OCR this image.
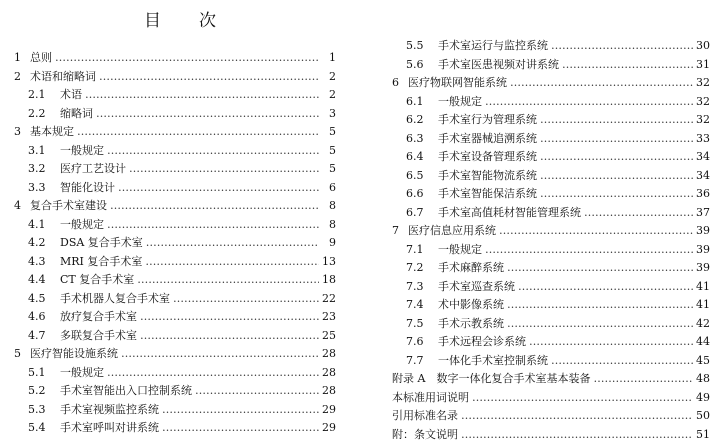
目 次
1 总则 ……………………………………………………………………………………………………………………………………………………………………………………	1
2 术语和缩略词 ……………………………………………………………………………………………………………………………………………………………………………………	2
2.1	术语 ……………………………………………………………………………………………………………………………………………………………………………………	2
2.2	缩略词 ……………………………………………………………………………………………………………………………………………………………………………………	3
3 基本规定 ……………………………………………………………………………………………………………………………………………………………………………………	5
3.1	一般规定 ……………………………………………………………………………………………………………………………………………………………………………………	5
3.2	医疗工艺设计 ……………………………………………………………………………………………………………………………………………………………………………………	5
3.3	智能化设计 ……………………………………………………………………………………………………………………………………………………………………………………	6
4 复合手术室建设 ……………………………………………………………………………………………………………………………………………………………………………………	8
4.1	一般规定 ……………………………………………………………………………………………………………………………………………………………………………………	8
4.2	DSA 复合手术室 ……………………………………………………………………………………………………………………………………………………………………………………	9
4.3	MRI 复合手术室 ……………………………………………………………………………………………………………………………………………………………………………………	13
4.4	CT 复合手术室 ……………………………………………………………………………………………………………………………………………………………………………………	18
4.5	手术机器人复合手术室 ……………………………………………………………………………………………………………………………………………………………………………………	22
4.6	放疗复合手术室 ……………………………………………………………………………………………………………………………………………………………………………………	23
4.7	多联复合手术室 ……………………………………………………………………………………………………………………………………………………………………………………	25
5 医疗智能设施系统 ……………………………………………………………………………………………………………………………………………………………………………………	28
5.1	一般规定 ……………………………………………………………………………………………………………………………………………………………………………………	28
5.2	手术室智能出入口控制系统 ……………………………………………………………………………………………………………………………………………………………………………………	28
5.3	手术室视频监控系统 ……………………………………………………………………………………………………………………………………………………………………………………	29
5.4	手术室呼叫对讲系统 ……………………………………………………………………………………………………………………………………………………………………………………	29
5.5	手术室运行与监控系统 ……………………………………………………………………………………………………………………………………………………………………………………	30
5.6	手术室医患视频对讲系统 ……………………………………………………………………………………………………………………………………………………………………………………	31
6 医疗物联网智能系统 ……………………………………………………………………………………………………………………………………………………………………………………	32
6.1	一般规定 ……………………………………………………………………………………………………………………………………………………………………………………	32
6.2	手术室行为管理系统 ……………………………………………………………………………………………………………………………………………………………………………………	32
6.3	手术室器械追溯系统 ……………………………………………………………………………………………………………………………………………………………………………………	33
6.4	手术室设备管理系统 ……………………………………………………………………………………………………………………………………………………………………………………	34
6.5	手术室智能物流系统 ……………………………………………………………………………………………………………………………………………………………………………………	34
6.6	手术室智能保洁系统 ……………………………………………………………………………………………………………………………………………………………………………………	36
6.7	手术室高值耗材智能管理系统 ……………………………………………………………………………………………………………………………………………………………………………………	37
7 医疗信息应用系统 ……………………………………………………………………………………………………………………………………………………………………………………	39
7.1	一般规定 ……………………………………………………………………………………………………………………………………………………………………………………	39
7.2	手术麻醉系统 ……………………………………………………………………………………………………………………………………………………………………………………	39
7.3	手术室巡查系统 ……………………………………………………………………………………………………………………………………………………………………………………	41
7.4	术中影像系统 ……………………………………………………………………………………………………………………………………………………………………………………	41
7.5	手术示教系统 ……………………………………………………………………………………………………………………………………………………………………………………	42
7.6	手术远程会诊系统 ……………………………………………………………………………………………………………………………………………………………………………………	44
7.7	一体化手术室控制系统 ……………………………………………………………………………………………………………………………………………………………………………………	45
附录 A　数字一体化复合手术室基本装备 ……………………………………………………………………………………………………………………………………………………………………………………	48
本标准用词说明 ……………………………………………………………………………………………………………………………………………………………………………………	49
引用标准名录 ……………………………………………………………………………………………………………………………………………………………………………………	50
附：条文说明 ……………………………………………………………………………………………………………………………………………………………………………………	51
